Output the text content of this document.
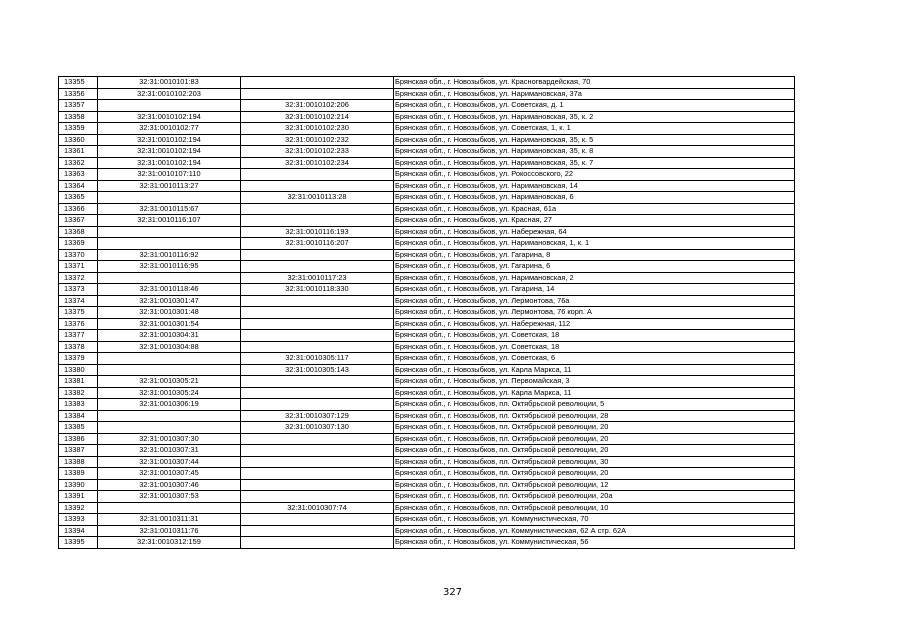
13355	32:31:0010101:83		Брянская обл., г. Новозыбков, ул. Красногвардейская, 70
13356	32:31:0010102:203		Брянская обл., г. Новозыбков, ул. Наримановская, 37а
13357		32:31:0010102:206	Брянская обл., г. Новозыбков, ул. Советская, д. 1
13358	32:31:0010102:194	32:31:0010102:214	Брянская обл., г. Новозыбков, ул. Наримановская, 35, к. 2
13359	32:31:0010102:77	32:31:0010102:230	Брянская обл., г. Новозыбков, ул. Советская, 1, к. 1
13360	32:31:0010102:194	32:31:0010102:232	Брянская обл., г. Новозыбков, ул. Наримановская, 35, к. 5
13361	32:31:0010102:194	32:31:0010102:233	Брянская обл., г. Новозыбков, ул. Наримановская, 35, к. 8
13362	32:31:0010102:194	32:31:0010102:234	Брянская обл., г. Новозыбков, ул. Наримановская, 35, к. 7
13363	32:31:0010107:110		Брянская обл., г. Новозыбков, ул. Рокоссовского, 22
13364	32:31:0010113:27		Брянская обл., г. Новозыбков, ул. Наримановская, 14
13365		32:31:0010113:28	Брянская обл., г. Новозыбков, ул. Наримановская, 6
13366	32:31:0010115:67		Брянская обл., г. Новозыбков, ул. Красная, 61а
13367	32:31:0010116:107		Брянская обл., г. Новозыбков, ул. Красная, 27
13368		32:31:0010116:193	Брянская обл., г. Новозыбков, ул. Набережная, 64
13369		32:31:0010116:207	Брянская обл., г. Новозыбков, ул. Наримановская, 1, к. 1
13370	32:31:0010116:92		Брянская обл., г. Новозыбков, ул. Гагарина, 8
13371	32:31:0010116:95		Брянская обл., г. Новозыбков, ул. Гагарина, 6
13372		32:31:0010117:23	Брянская обл., г. Новозыбков, ул. Наримановская, 2
13373	32:31:0010118:46	32:31:0010118:330	Брянская обл., г. Новозыбков, ул. Гагарина, 14
13374	32:31:0010301:47		Брянская обл., г. Новозыбков, ул. Лермонтова, 76а
13375	32:31:0010301:48		Брянская обл., г. Новозыбков, ул. Лермонтова, 76 корп. А
13376	32:31:0010301:54		Брянская обл., г. Новозыбков, ул. Набережная, 112
13377	32:31:0010304:31		Брянская обл., г. Новозыбков, ул. Советская, 18
13378	32:31:0010304:88		Брянская обл., г. Новозыбков, ул. Советская, 18
13379		32:31:0010305:117	Брянская обл., г. Новозыбков, ул. Советская, 6
13380		32:31:0010305:143	Брянская обл., г. Новозыбков, ул. Карла Маркса, 11
13381	32:31:0010305:21		Брянская обл., г. Новозыбков, ул. Первомайская, 3
13382	32:31:0010305:24		Брянская обл., г. Новозыбков, ул. Карла Маркса, 11
13383	32:31:0010306:19		Брянская обл., г. Новозыбков, пл. Октябрьской революции, 5
13384		32:31:0010307:129	Брянская обл., г. Новозыбков, пл. Октябрьской революции, 28
13385		32:31:0010307:130	Брянская обл., г. Новозыбков, пл. Октябрьской революции, 20
13386	32:31:0010307:30		Брянская обл., г. Новозыбков, пл. Октябрьской революции, 20
13387	32:31:0010307:31		Брянская обл., г. Новозыбков, пл. Октябрьской революции, 20
13388	32:31:0010307:44		Брянская обл., г. Новозыбков, пл. Октябрьской революции, 30
13389	32:31:0010307:45		Брянская обл., г. Новозыбков, пл. Октябрьской революции, 20
13390	32:31:0010307:46		Брянская обл., г. Новозыбков, пл. Октябрьской революции, 12
13391	32:31:0010307:53		Брянская обл., г. Новозыбков, пл. Октябрьской революции, 20а
13392		32:31:0010307:74	Брянская обл., г. Новозыбков, пл. Октябрьской революции, 10
13393	32:31:0010311:31		Брянская обл., г. Новозыбков, ул. Коммунистическая, 70
13394	32:31:0010311:76		Брянская обл., г. Новозыбков, ул. Коммунистическая, 62 А стр. 62А
13395	32:31:0010312:159		Брянская обл., г. Новозыбков, ул. Коммунистическая, 56
327
